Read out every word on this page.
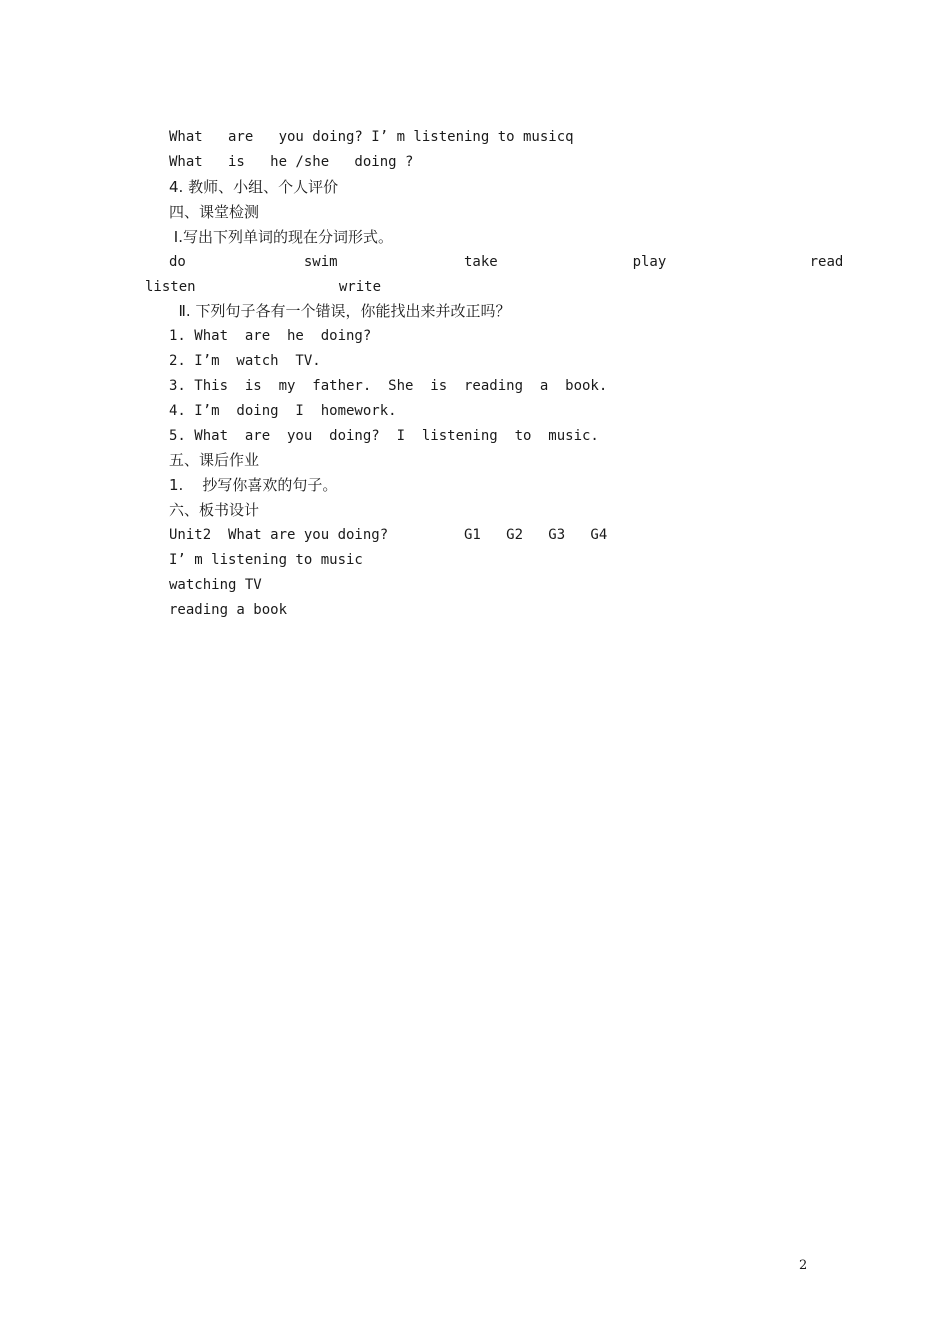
What   are   you doing? I’ m listening to musicq
What   is   he /she   doing ?
4. 教师、小组、个人评价
四、课堂检测
Ⅰ.写出下列单词的现在分词形式。
do              swim               take                play                 read
listen                 write
Ⅱ. 下列句子各有一个错误，你能找出来并改正吗？
1. What  are  he  doing?
2. I’m  watch  TV.
3. This  is  my  father.  She  is  reading  a  book.
4. I’m  doing  I  homework.
5. What  are  you  doing?  I  listening  to  music.
五、课后作业
1.    抄写你喜欢的句子。
六、板书设计
Unit2  What are you doing?         G1   G2   G3   G4
I’ m listening to music
watching TV
reading a book
2
